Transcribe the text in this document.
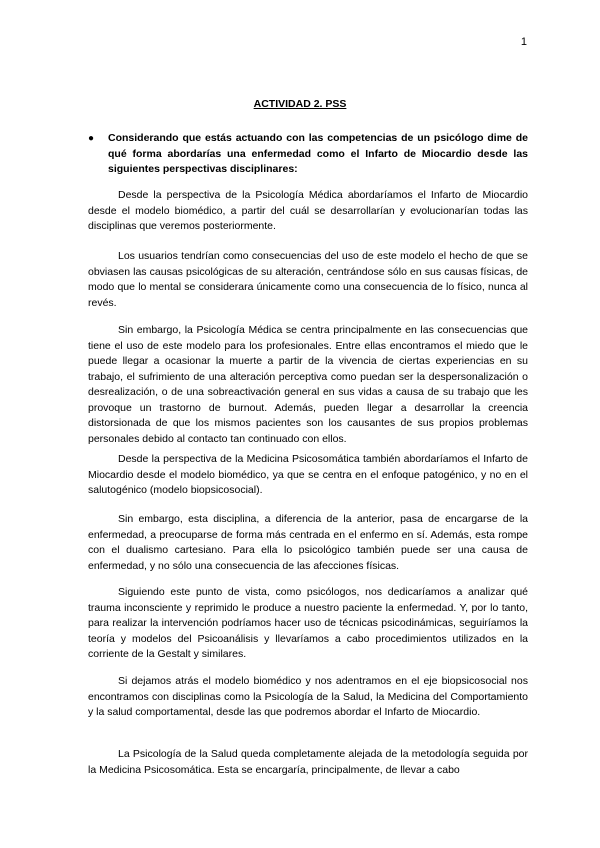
1
ACTIVIDAD 2. PSS
● Considerando que estás actuando con las competencias de un psicólogo dime de qué forma abordarías una enfermedad como el Infarto de Miocardio desde las siguientes perspectivas disciplinares:

Desde la perspectiva de la Psicología Médica abordaríamos el Infarto de Miocardio desde el modelo biomédico, a partir del cuál se desarrollarían y evolucionarían todas las disciplinas que veremos posteriormente.

Los usuarios tendrían como consecuencias del uso de este modelo el hecho de que se obviasen las causas psicológicas de su alteración, centrándose sólo en sus causas físicas, de modo que lo mental se considerara únicamente como una consecuencia de lo físico, nunca al revés.

Sin embargo, la Psicología Médica se centra principalmente en las consecuencias que tiene el uso de este modelo para los profesionales. Entre ellas encontramos el miedo que le puede llegar a ocasionar la muerte a partir de la vivencia de ciertas experiencias en su trabajo, el sufrimiento de una alteración perceptiva como puedan ser la despersonalización o desrealización, o de una sobreactivación general en sus vidas a causa de su trabajo que les provoque un trastorno de burnout. Además, pueden llegar a desarrollar la creencia distorsionada de que los mismos pacientes son los causantes de sus propios problemas personales debido al contacto tan continuado con ellos.

Desde la perspectiva de la Medicina Psicosomática también abordaríamos el Infarto de Miocardio desde el modelo biomédico, ya que se centra en el enfoque patogénico, y no en el salutogénico (modelo biopsicosocial).

Sin embargo, esta disciplina, a diferencia de la anterior, pasa de encargarse de la enfermedad, a preocuparse de forma más centrada en el enfermo en sí. Además, esta rompe con el dualismo cartesiano. Para ella lo psicológico también puede ser una causa de enfermedad, y no sólo una consecuencia de las afecciones físicas.

Siguiendo este punto de vista, como psicólogos, nos dedicaríamos a analizar qué trauma inconsciente y reprimido le produce a nuestro paciente la enfermedad. Y, por lo tanto, para realizar la intervención podríamos hacer uso de técnicas psicodinámicas, seguiríamos la teoría y modelos del Psicoanálisis y llevaríamos a cabo procedimientos utilizados en la corriente de la Gestalt y similares.

Si dejamos atrás el modelo biomédico y nos adentramos en el eje biopsicosocial nos encontramos con disciplinas como la Psicología de la Salud, la Medicina del Comportamiento y la salud comportamental, desde las que podremos abordar el Infarto de Miocardio.

La Psicología de la Salud queda completamente alejada de la metodología seguida por la Medicina Psicosomática. Esta se encargaría, principalmente, de llevar a cabo
